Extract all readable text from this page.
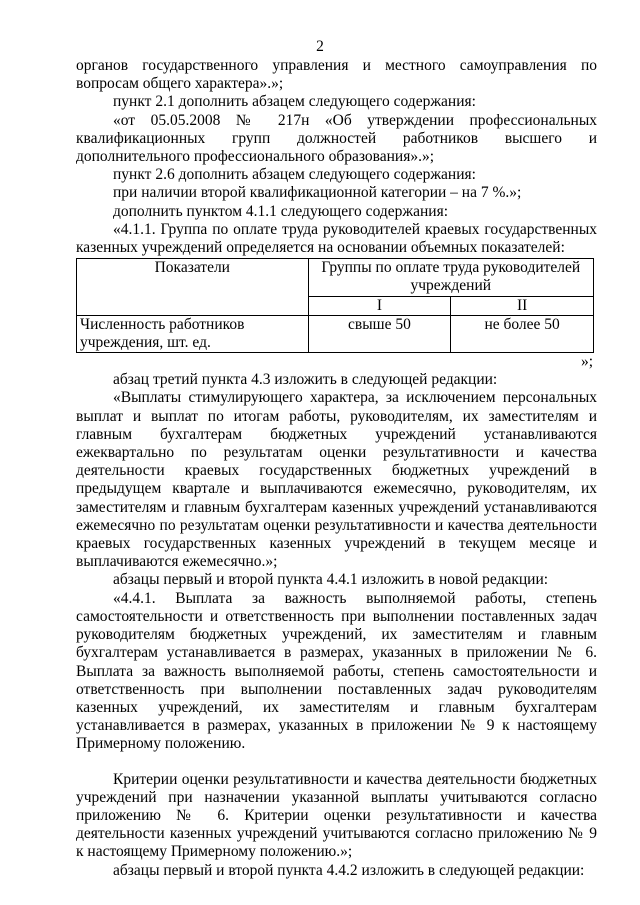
2

органов государственного управления и местного самоуправления по вопросам общего характера».»;

пункт 2.1 дополнить абзацем следующего содержания:

«от 05.05.2008 № 217н «Об утверждении профессиональных квалификационных групп должностей работников высшего и дополнительного профессионального образования».»;

пункт 2.6 дополнить абзацем следующего содержания:

при наличии второй квалификационной категории – на 7 %.»;

дополнить пунктом 4.1.1 следующего содержания:

«4.1.1. Группа по оплате труда руководителей краевых государственных казенных учреждений определяется на основании объемных показателей:

Показатели	Группы по оплате труда руководителей учреждений	
	I	II
Численность работников учреждения, шт. ед.	свыше 50	не более 50
»;

абзац третий пункта 4.3 изложить в следующей редакции:

«Выплаты стимулирующего характера, за исключением персональных выплат и выплат по итогам работы, руководителям, их заместителям и главным бухгалтерам бюджетных учреждений устанавливаются ежеквартально по результатам оценки результативности и качества деятельности краевых государственных бюджетных учреждений в предыдущем квартале и выплачиваются ежемесячно, руководителям, их заместителям и главным бухгалтерам казенных учреждений устанавливаются ежемесячно по результатам оценки результативности и качества деятельности краевых государственных казенных учреждений в текущем месяце и выплачиваются ежемесячно.»;

абзацы первый и второй пункта 4.4.1 изложить в новой редакции:

«4.4.1. Выплата за важность выполняемой работы, степень самостоятельности и ответственность при выполнении поставленных задач руководителям бюджетных учреждений, их заместителям и главным бухгалтерам устанавливается в размерах, указанных в приложении № 6. Выплата за важность выполняемой работы, степень самостоятельности и ответственность при выполнении поставленных задач руководителям казенных учреждений, их заместителям и главным бухгалтерам устанавливается в размерах, указанных в приложении № 9 к настоящему Примерному положению.

Критерии оценки результативности и качества деятельности бюджетных учреждений при назначении указанной выплаты учитываются согласно приложению № 6. Критерии оценки результативности и качества деятельности казенных учреждений учитываются согласно приложению № 9 к настоящему Примерному положению.»;

абзацы первый и второй пункта 4.4.2 изложить в следующей редакции:
